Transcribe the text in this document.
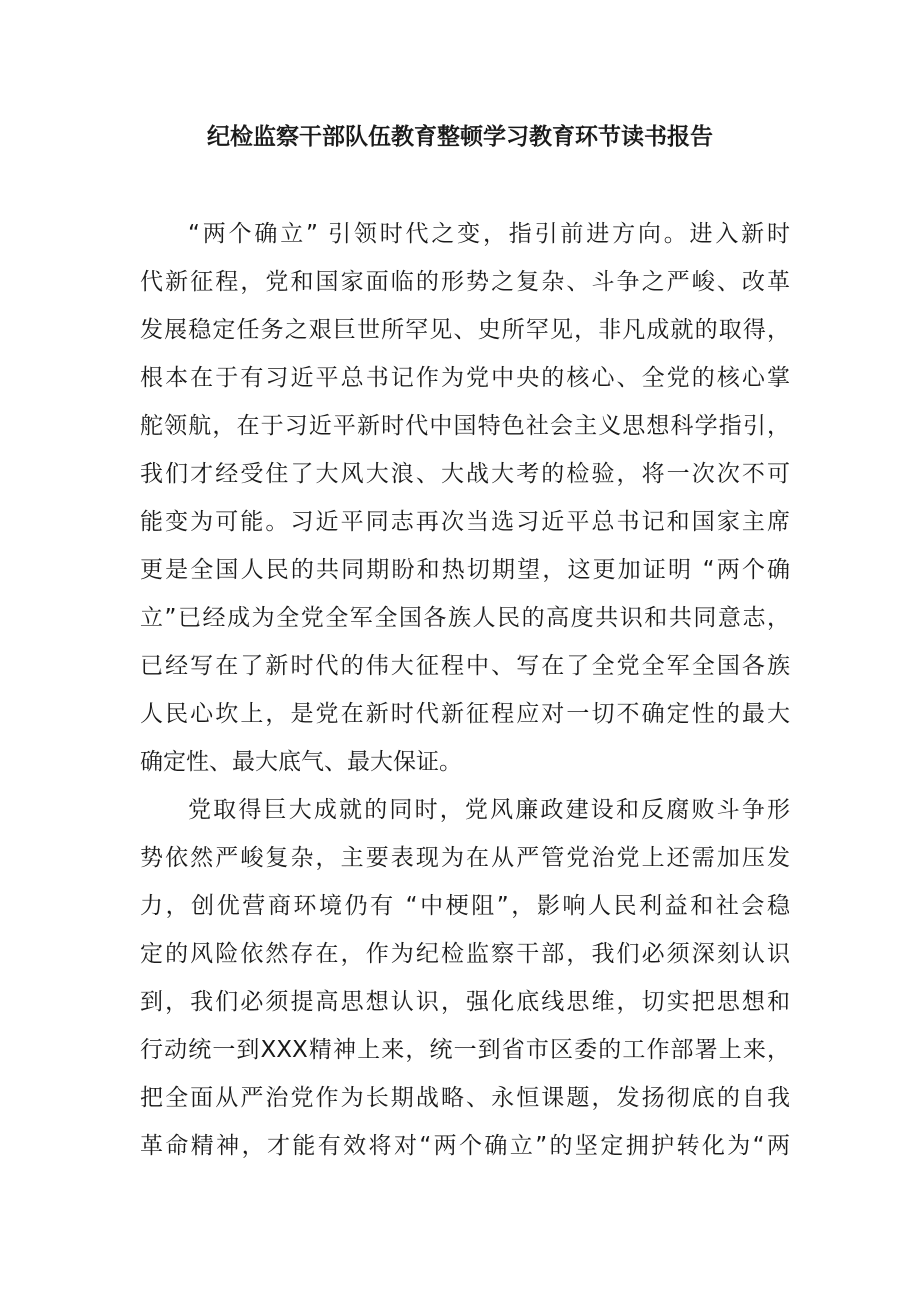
纪检监察干部队伍教育整顿学习教育环节读书报告
“两个确立” 引领时代之变，指引前进方向。进入新时
代新征程，党和国家面临的形势之复杂、斗争之严峻、改革
发展稳定任务之艰巨世所罕见、史所罕见，非凡成就的取得，
根本在于有习近平总书记作为党中央的核心、全党的核心掌
舵领航，在于习近平新时代中国特色社会主义思想科学指引，
我们才经受住了大风大浪、大战大考的检验，将一次次不可
能变为可能。习近平同志再次当选习近平总书记和国家主席
更是全国人民的共同期盼和热切期望，这更加证明 “两个确
立”已经成为全党全军全国各族人民的高度共识和共同意志，
已经写在了新时代的伟大征程中、写在了全党全军全国各族
人民心坎上，是党在新时代新征程应对一切不确定性的最大
确定性、最大底气、最大保证。
党取得巨大成就的同时，党风廉政建设和反腐败斗争形
势依然严峻复杂，主要表现为在从严管党治党上还需加压发
力，创优营商环境仍有 “中梗阻”，影响人民利益和社会稳
定的风险依然存在，作为纪检监察干部，我们必须深刻认识
到，我们必须提高思想认识，强化底线思维，切实把思想和
行动统一到XXX精神上来，统一到省市区委的工作部署上来，
把全面从严治党作为长期战略、永恒课题，发扬彻底的自我
革命精神，才能有效将对“两个确立”的坚定拥护转化为“两
